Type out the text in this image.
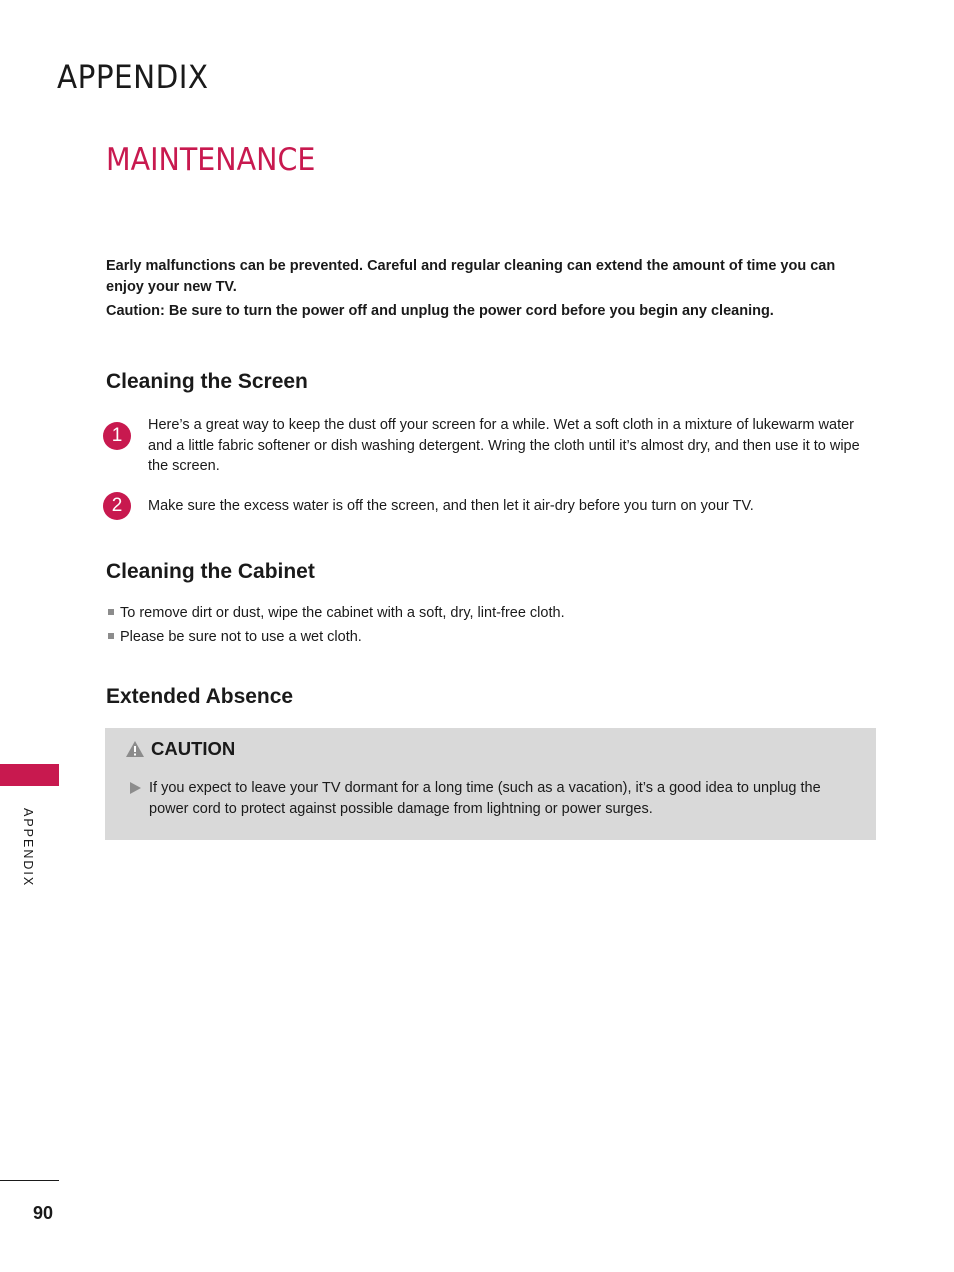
APPENDIX
MAINTENANCE
Early malfunctions can be prevented. Careful and regular cleaning can extend the amount of time you can enjoy your new TV.
Caution: Be sure to turn the power off and unplug the power cord before you begin any cleaning.
Cleaning the Screen
1	Here’s a great way to keep the dust off your screen for a while. Wet a soft cloth in a mixture of lukewarm water and a little fabric softener or dish washing detergent. Wring the cloth until it’s almost dry, and then use it to wipe the screen.
2	Make sure the excess water is off the screen, and then let it air-dry before you turn on your TV.
Cleaning the Cabinet
To remove dirt or dust, wipe the cabinet with a soft, dry, lint-free cloth.
Please be sure not to use a wet cloth.
Extended Absence
CAUTION
If you expect to leave your TV dormant for a long time (such as a vacation), it’s a good idea to unplug the power cord to protect against possible damage from lightning or power surges.
APPENDIX
90
